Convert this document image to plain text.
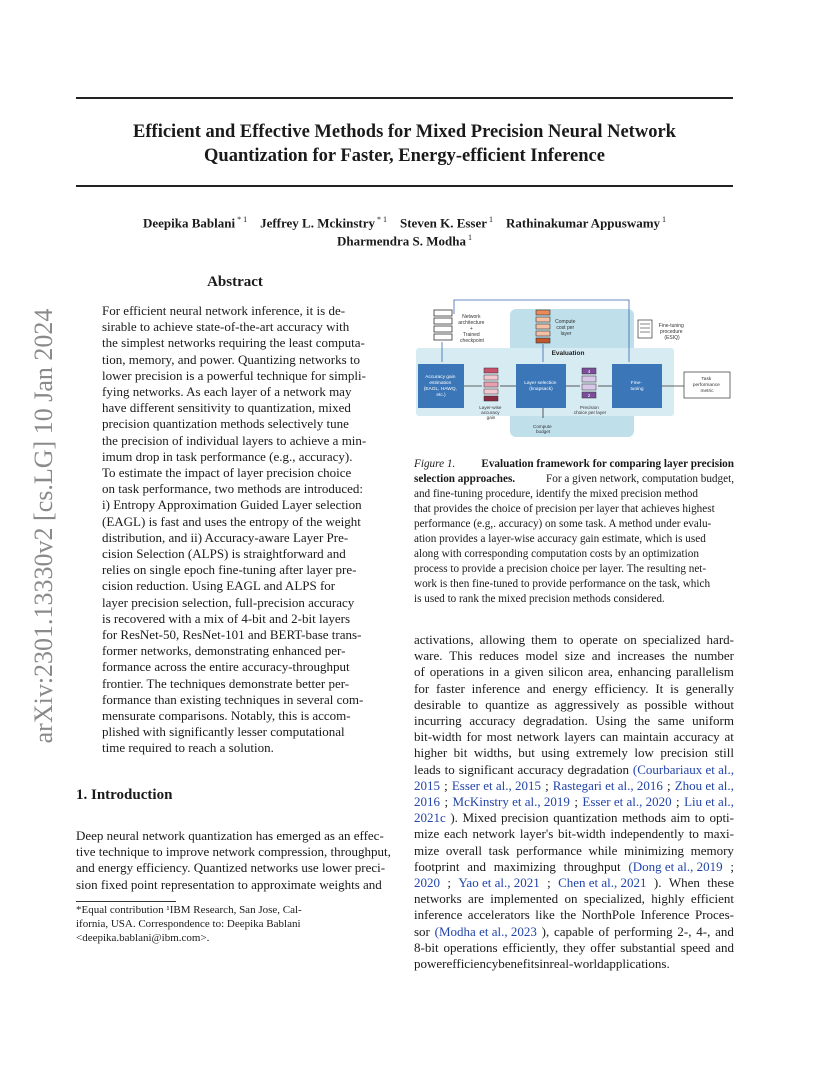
Efficient and Effective Methods for Mixed Precision Neural Network
Quantization for Faster, Energy-efficient Inference
Deepika Bablani $^{* 1}$  Jeffrey L. Mckinstry $^{* 1}$  Steven K. Esser $^1$  Rathinakumar Appuswamy $^1$
Dharmendra S. Modha $^1$
arXiv:2301.13330v2 [cs.LG] 10 Jan 2024
Abstract
For efficient neural network inference, it is de-
sirable to achieve state-of-the-art accuracy with
the simplest networks requiring the least computa-
tion, memory, and power. Quantizing networks to
lower precision is a powerful technique for simpli-
fying networks. As each layer of a network may
have different sensitivity to quantization, mixed
precision quantization methods selectively tune
the precision of individual layers to achieve a min-
imum drop in task performance (e.g., accuracy).
To estimate the impact of layer precision choice
on task performance, two methods are introduced:
i) Entropy Approximation Guided Layer selection
(EAGL) is fast and uses the entropy of the weight
distribution, and ii) Accuracy-aware Layer Pre-
cision Selection (ALPS) is straightforward and
relies on single epoch fine-tuning after layer pre-
cision reduction. Using EAGL and ALPS for
layer precision selection, full-precision accuracy
is recovered with a mix of 4-bit and 2-bit layers
for ResNet-50, ResNet-101 and BERT-base trans-
former networks, demonstrating enhanced per-
formance across the entire accuracy-throughput
frontier. The techniques demonstrate better per-
formance than existing techniques in several com-
mensurate comparisons. Notably, this is accom-
plished with significantly lesser computational
time required to reach a solution.
1. Introduction
Deep neural network quantization has emerged as an effec-
tive technique to improve network compression, throughput,
and energy efficiency. Quantized networks use lower preci-
sion fixed point representation to approximate weights and
*Equal contribution ¹IBM Research, San Jose, Cal-
ifornia, USA. Correspondence to: Deepika Bablani
<deepika.bablani@ibm.com>.
Network architecture + Trained checkpoint
Compute cost per layer
Fine-tuning procedure (ESIQ)
Evaluation
Accuracy gain estimation (EAGL, HAWQ, etc.)
Layer-wise accuracy gain
Layer selection (knapsack)
Compute budget
4
2
Precision choice per layer
Fine- tuning
Task performance metric
Figure 1. Evaluation framework for comparing layer precision
selection approaches.	For a given network, computation budget,
and fine-tuning procedure, identify the mixed precision method
that provides the choice of precision per layer that achieves highest
performance (e.g,. accuracy) on some task. A method under evalu-
ation provides a layer-wise accuracy gain estimate, which is used
along with corresponding computation costs by an optimization
process to provide a precision choice per layer. The resulting net-
work is then fine-tuned to provide performance on the task, which
is used to rank the mixed precision methods considered.
activations, allowing them to operate on specialized hard-
ware. This reduces model size and increases the number
of operations in a given silicon area, enhancing parallelism
for faster inference and energy efficiency. It is generally
desirable to quantize as aggressively as possible without
incurring accuracy degradation. Using the same uniform
bit-width for most network layers can maintain accuracy at
higher bit widths, but using extremely low precision still
leads to significant accuracy degradation (Courbariaux et al.,
2015 ; Esser et al., 2015 ; Rastegari et al., 2016 ; Zhou et al.,
2016 ; McKinstry et al., 2019 ; Esser et al., 2020 ; Liu et al.,
2021c ). Mixed precision quantization methods aim to opti-
mize each network layer's bit-width independently to maxi-
mize overall task performance while minimizing memory
footprint and maximizing throughput (Dong et al., 2019 ;
2020 ; Yao et al., 2021 ; Chen et al., 2021 ). When these
networks are implemented on specialized, highly efficient
inference accelerators like the NorthPole Inference Proces-
sor (Modha et al., 2023 ), capable of performing 2-, 4-, and
8-bit operations efficiently, they offer substantial speed and
power efficiency benefits in real-world applications.
